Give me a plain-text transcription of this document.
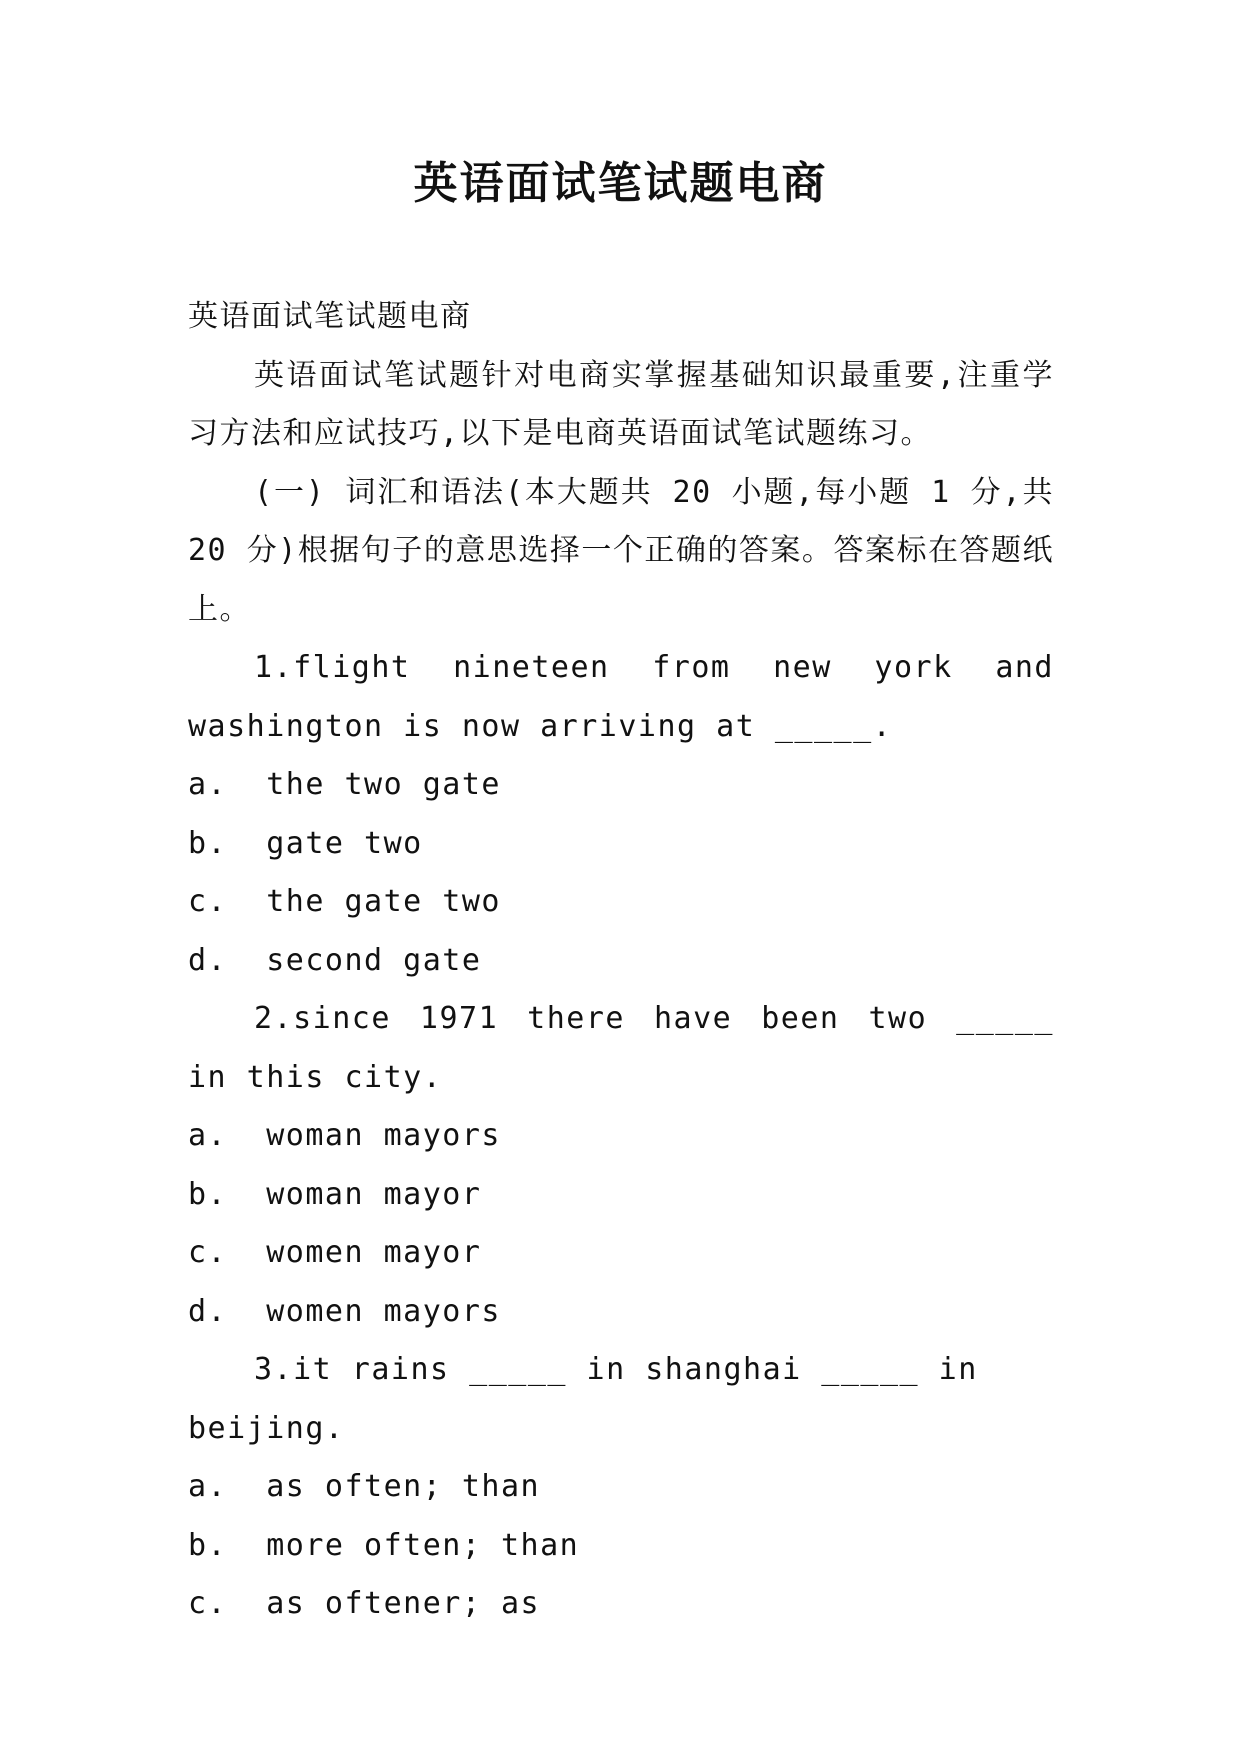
英语面试笔试题电商

英语面试笔试题电商

英语面试笔试题针对电商实掌握基础知识最重要,注重学习方法和应试技巧,以下是电商英语面试笔试题练习。

(一) 词汇和语法(本大题共 20 小题,每小题 1 分,共 20 分)根据句子的意思选择一个正确的答案。答案标在答题纸上。

1.flight nineteen from new york and washington is now arriving at _____.

a.  the two gate

b.  gate two

c.  the gate two

d.  second gate

2.since 1971 there have been two _____ in this city.

a.  woman mayors

b.  woman mayor

c.  women mayor

d.  women mayors

3.it rains _____ in shanghai _____ in beijing.

a.  as often; than

b.  more often; than

c.  as oftener; as
